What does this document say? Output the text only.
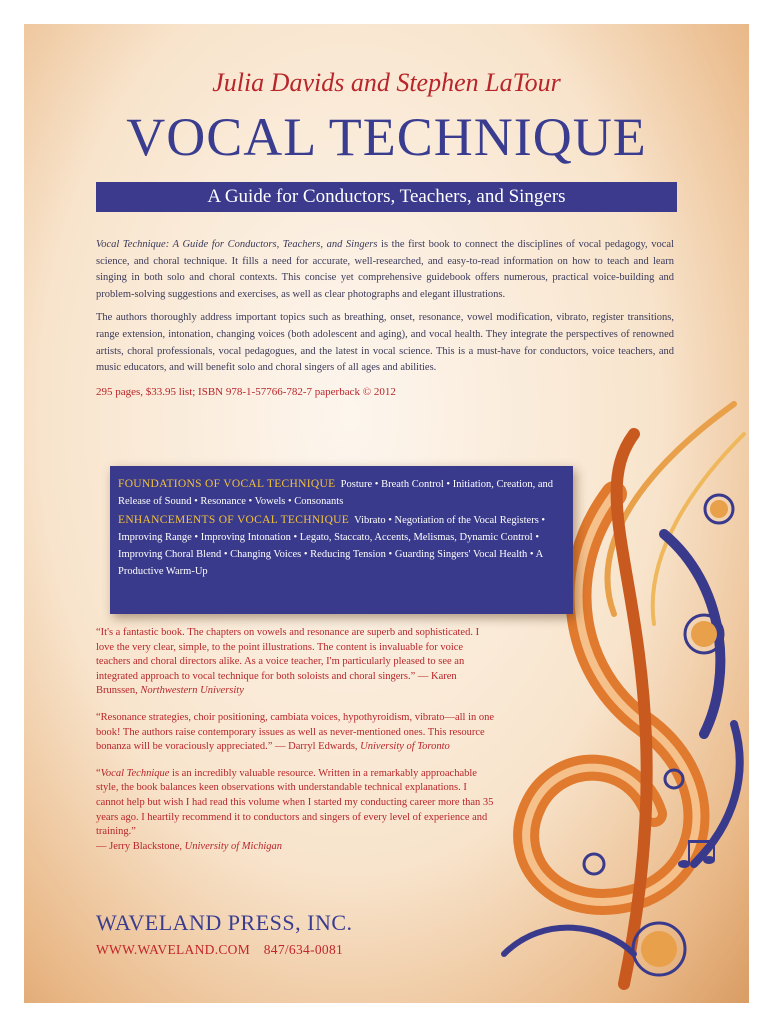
Julia Davids and Stephen LaTour
VOCAL TECHNIQUE
A Guide for Conductors, Teachers, and Singers

Vocal Technique: A Guide for Conductors, Teachers, and Singers is the first book to connect the disciplines of vocal pedagogy, vocal science, and choral technique. It fills a need for accurate, well-researched, and easy-to-read information on how to teach and learn singing in both solo and choral contexts. This concise yet comprehensive guidebook offers numerous, practical voice-building and problem-solving suggestions and exercises, as well as clear photographs and elegant illustrations.

The authors thoroughly address important topics such as breathing, onset, resonance, vowel modification, vibrato, register transitions, range extension, intonation, changing voices (both adolescent and aging), and vocal health. They integrate the perspectives of renowned artists, choral professionals, vocal pedagogues, and the latest in vocal science. This is a must-have for conductors, voice teachers, and music educators, and will benefit solo and choral singers of all ages and abilities.

295 pages, $33.95 list; ISBN 978-1-57766-782-7 paperback © 2012

FOUNDATIONS OF VOCAL TECHNIQUE Posture • Breath Control • Initiation, Creation, and Release of Sound • Resonance • Vowels • Consonants

ENHANCEMENTS OF VOCAL TECHNIQUE Vibrato • Negotiation of the Vocal Registers • Improving Range • Improving Intonation • Legato, Staccato, Accents, Melismas, Dynamic Control • Improving Choral Blend • Changing Voices • Reducing Tension • Guarding Singers' Vocal Health • A Productive Warm-Up

“It's a fantastic book. The chapters on vowels and resonance are superb and sophisticated. I love the very clear, simple, to the point illustrations. The content is invaluable for voice teachers and choral directors alike. As a voice teacher, I'm particularly pleased to see an integrated approach to vocal technique for both soloists and choral singers.” — Karen Brunssen, Northwestern University

“Resonance strategies, choir positioning, cambiata voices, hypothyroidism, vibrato—all in one book! The authors raise contemporary issues as well as never-mentioned ones. This resource bonanza will be voraciously appreciated.” — Darryl Edwards, University of Toronto

“Vocal Technique is an incredibly valuable resource. Written in a remarkably approachable style, the book balances keen observations with understandable technical explanations. I cannot help but wish I had read this volume when I started my conducting career more than 35 years ago. I heartily recommend it to conductors and singers of every level of experience and training.”
— Jerry Blackstone, University of Michigan

WAVELAND PRESS, INC.
WWW.WAVELAND.COM 847/634-0081
